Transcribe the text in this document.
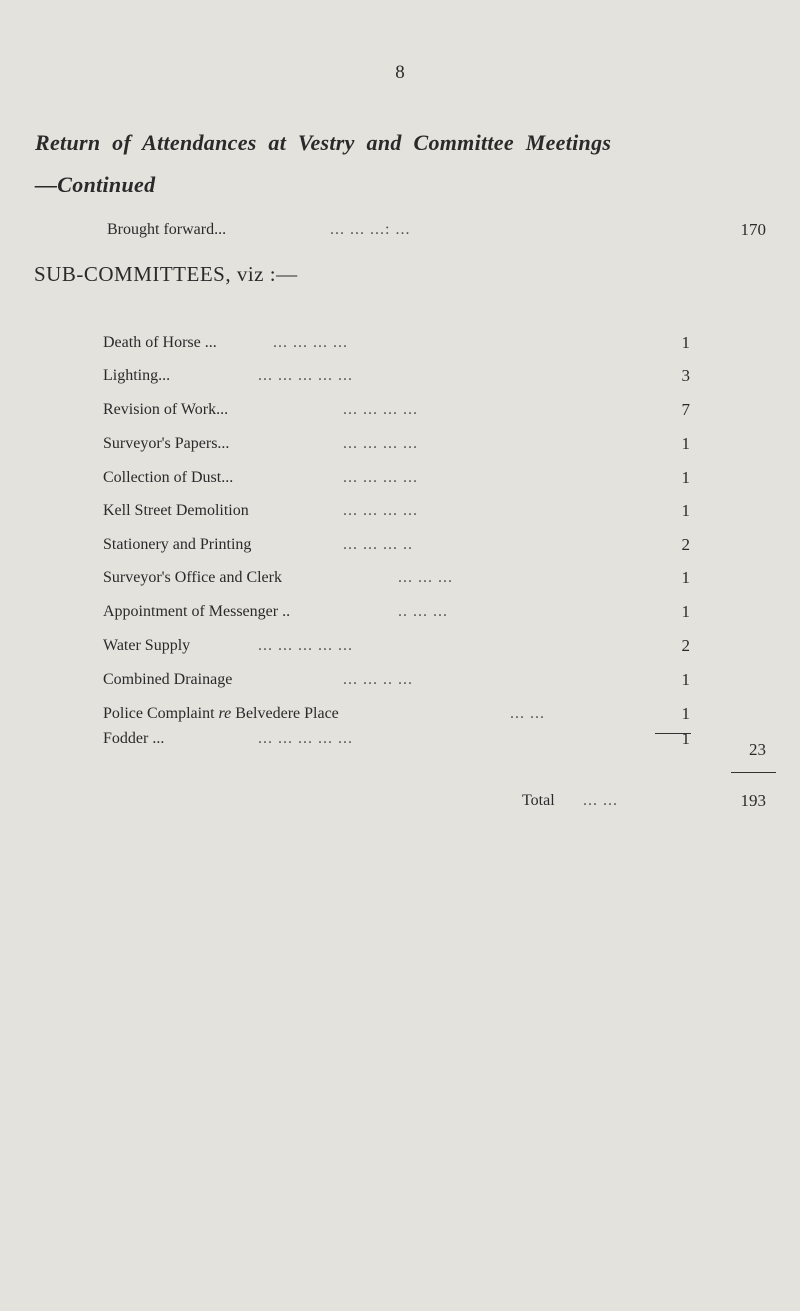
8
Return of Attendances at Vestry and Committee Meetings
—Continued
Brought forward...	... ... ...: ...	170
SUB-COMMITTEES, viz :—
Death of Horse ...	... ... ... ...	1
Lighting...	... ... ... ... ...	3
Revision of Work...	... ... ... ...	7
Surveyor's Papers...	... ... ... ...	1
Collection of Dust...	... ... ... ...	1
Kell Street Demolition	... ... ... ...	1
Stationery and Printing	... ... ... ..	2
Surveyor's Office and Clerk	... ... ...	1
Appointment of Messenger ..	.. ... ...	1
Water Supply	... ... ... ... ...	2
Combined Drainage	... ... .. ...	1
Police Complaint re Belvedere Place	... ...	1
Fodder ...	... ... ... ... ...	1
23
Total ... ...	193
